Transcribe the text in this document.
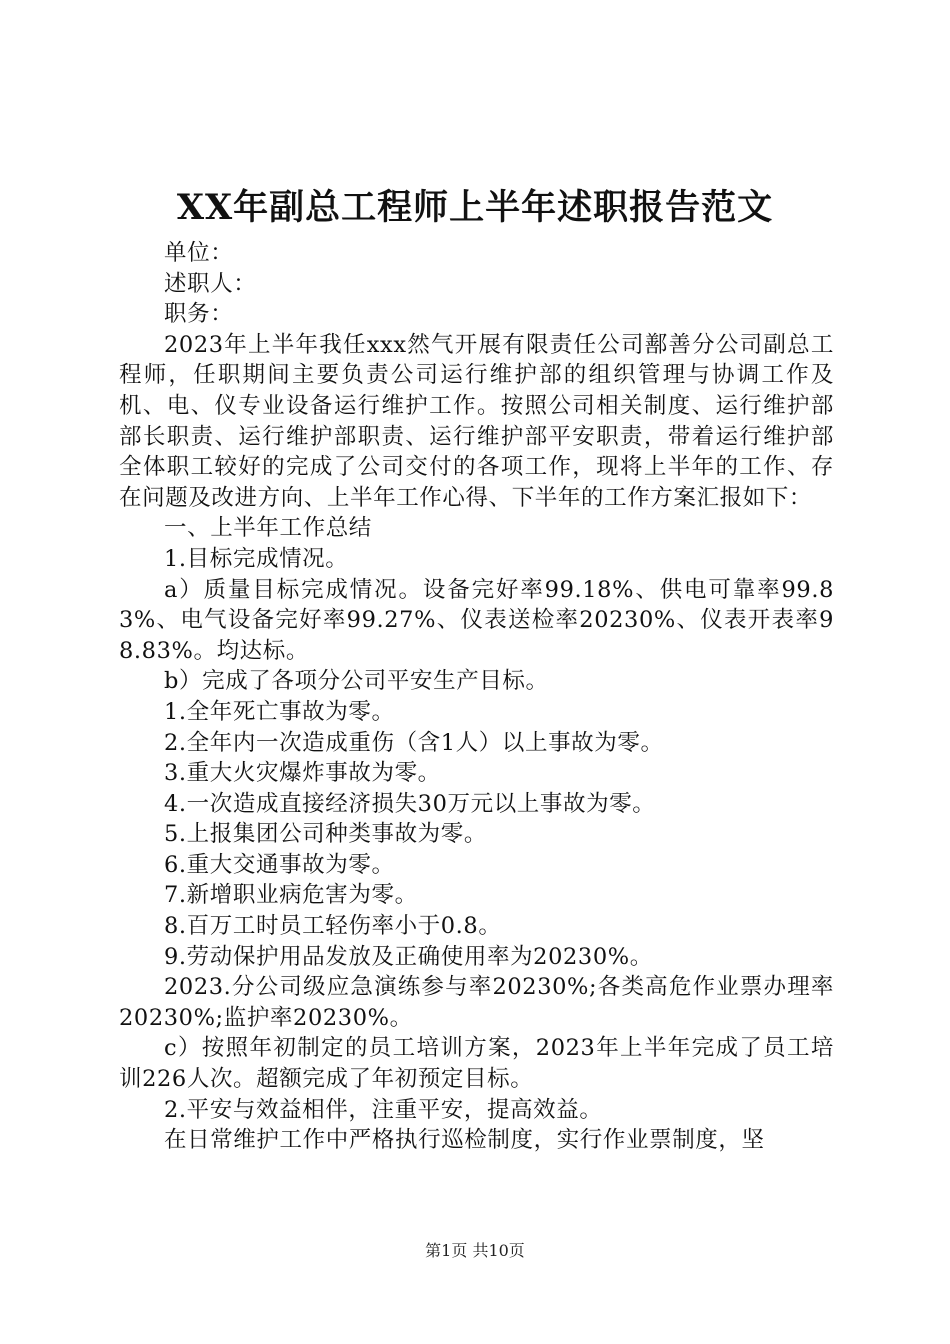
XX年副总工程师上半年述职报告范文

单位：

述职人：

职务：

2023年上半年我任xxx然气开展有限责任公司鄯善分公司副总工程师，任职期间主要负责公司运行维护部的组织管理与协调工作及机、电、仪专业设备运行维护工作。按照公司相关制度、运行维护部部长职责、运行维护部职责、运行维护部平安职责，带着运行维护部全体职工较好的完成了公司交付的各项工作，现将上半年的工作、存在问题及改进方向、上半年工作心得、下半年的工作方案汇报如下：

一、上半年工作总结

1.目标完成情况。

a）质量目标完成情况。设备完好率99.18%、供电可靠率99.83%、电气设备完好率99.27%、仪表送检率20230%、仪表开表率98.83%。均达标。

b）完成了各项分公司平安生产目标。

1.全年死亡事故为零。

2.全年内一次造成重伤（含1人）以上事故为零。

3.重大火灾爆炸事故为零。

4.一次造成直接经济损失30万元以上事故为零。

5.上报集团公司种类事故为零。

6.重大交通事故为零。

7.新增职业病危害为零。

8.百万工时员工轻伤率小于0.8。

9.劳动保护用品发放及正确使用率为20230%。

2023.分公司级应急演练参与率20230%;各类高危作业票办理率20230%;监护率20230%。

c）按照年初制定的员工培训方案，2023年上半年完成了员工培训226人次。超额完成了年初预定目标。

2.平安与效益相伴，注重平安，提高效益。

在日常维护工作中严格执行巡检制度，实行作业票制度，坚

第1页 共10页
